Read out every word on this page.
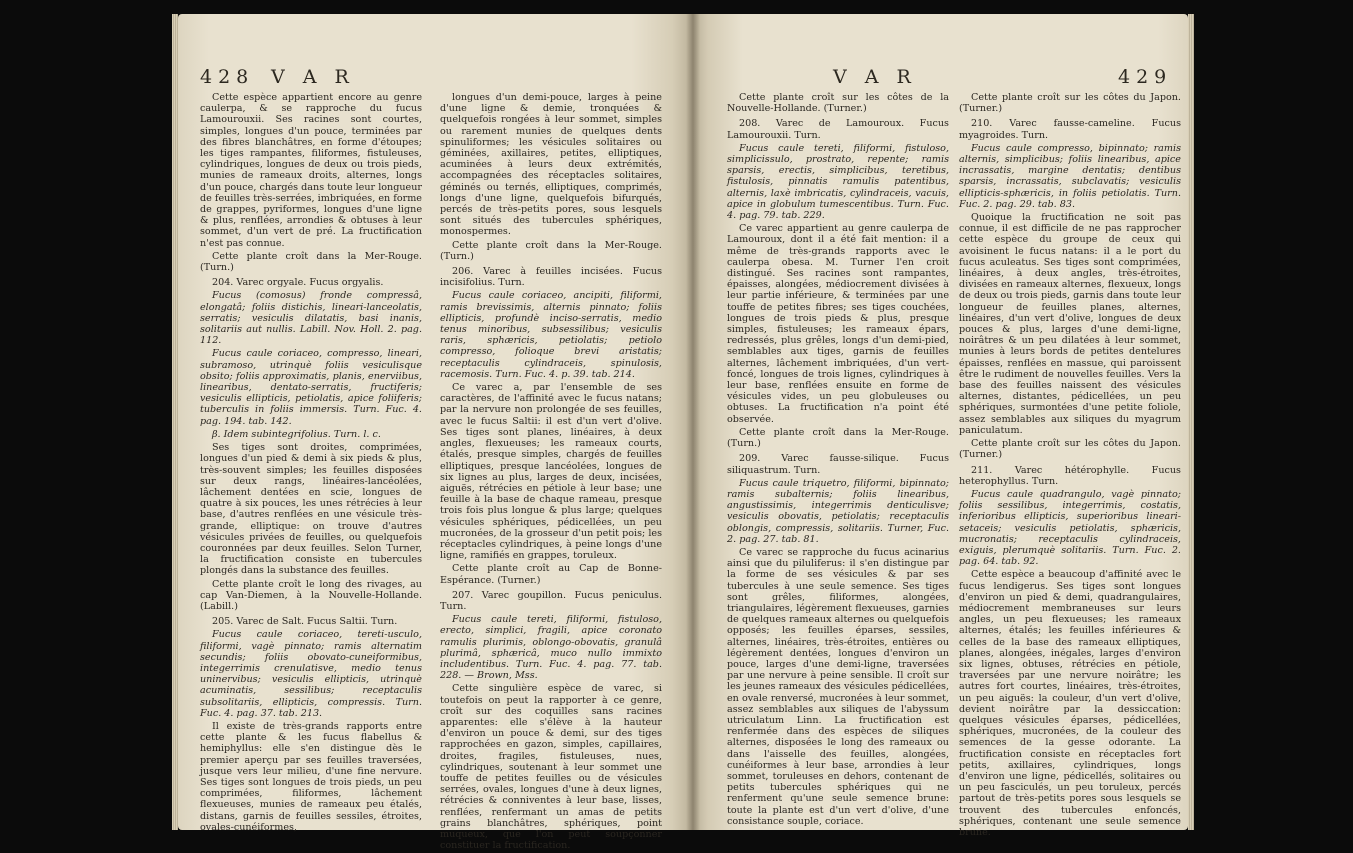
428 V A R

Cette espèce appartient encore au genre caulerpa, & se rapproche du fucus Lamourouxii. Ses racines sont courtes, simples, longues d'un pouce, terminées par des fibres blanchâtres, en forme d'étoupes; les tiges rampantes, filiformes, fistuleuses, cylindriques, longues de deux ou trois pieds, munies de rameaux droits, alternes, longs d'un pouce, chargés dans toute leur longueur de feuilles très-serrées, imbriquées, en forme de grappes, pyriformes, longues d'une ligne & plus, renflées, arrondies & obtuses à leur sommet, d'un vert de pré. La fructification n'est pas connue.

Cette plante croît dans la Mer-Rouge. (Turn.)

204. Varec orgyale. Fucus orgyalis.

Fucus (comosus) fronde compressâ, elongatâ; foliis distichis, lineari-lanceolatis, serratis; vesiculis dilatatis, basi inanis, solitariis aut nullis. Labill. Nov. Holl. 2. pag. 112.

Fucus caule coriaceo, compresso, lineari, subramoso, utrinquè foliis vesiculisque obsito; foliis approximatis, planis, enerviibus, linearibus, dentato-serratis, fructiferis; vesiculis ellipticis, petiolatis, apice foliiferis; tuberculis in foliis immersis. Turn. Fuc. 4. pag. 194. tab. 142.

β. Idem subintegrifolius. Turn. l. c.

Ses tiges sont droites, comprimées, longues d'un pied & demi à six pieds & plus, très-souvent simples; les feuilles disposées sur deux rangs, linéaires-lancéolées, lâchement dentées en scie, longues de quatre à six pouces, les unes rétrécies à leur base, d'autres renflées en une vésicule très-grande, elliptique: on trouve d'autres vésicules privées de feuilles, ou quelquefois couronnées par deux feuilles. Selon Turner, la fructification consiste en tubercules plongés dans la substance des feuilles.

Cette plante croît le long des rivages, au cap Van-Diemen, à la Nouvelle-Hollande. (Labill.)

205. Varec de Salt. Fucus Saltii. Turn.

Fucus caule coriaceo, tereti-usculo, filiformi, vagè pinnato; ramis alternatim secundis; foliis obovato-cuneiformibus, integerrimis crenulatisve, medio tenus uninervibus; vesiculis ellipticis, utrinquè acuminatis, sessilibus; receptaculis subsolitariis, ellipticis, compressis. Turn. Fuc. 4. pag. 37. tab. 213.

Il existe de très-grands rapports entre cette plante & les fucus flabellus & hemiphyllus: elle s'en distingue dès le premier aperçu par ses feuilles traversées, jusque vers leur milieu, d'une fine nervure. Ses tiges sont longues de trois pieds, un peu comprimées, filiformes, lâchement flexueuses, munies de rameaux peu étalés, distans, garnis de feuilles sessiles, étroites, ovales-cunéiformes,

longues d'un demi-pouce, larges à peine d'une ligne & demie, tronquées & quelquefois rongées à leur sommet, simples ou rarement munies de quelques dents spinuliformes; les vésicules solitaires ou géminées, axillaires, petites, elliptiques, acuminées à leurs deux extrémités, accompagnées des réceptacles solitaires, géminés ou ternés, elliptiques, comprimés, longs d'une ligne, quelquefois bifurqués, percés de très-petits pores, sous lesquels sont situés des tubercules sphériques, monospermes.

Cette plante croît dans la Mer-Rouge. (Turn.)

206. Varec à feuilles incisées. Fucus incisifolius. Turn.

Fucus caule coriaceo, ancipiti, filiformi, ramis brevissimis, alternis pinnato; foliis ellipticis, profundè inciso-serratis, medio tenus minoribus, subsessilibus; vesiculis raris, sphæricis, petiolatis; petiolo compresso, folioque brevi aristatis; receptaculis cylindraceis, spinulosis, racemosis. Turn. Fuc. 4. p. 39. tab. 214.

Ce varec a, par l'ensemble de ses caractères, de l'affinité avec le fucus natans; par la nervure non prolongée de ses feuilles, avec le fucus Saltii: il est d'un vert d'olive. Ses tiges sont planes, linéaires, à deux angles, flexueuses; les rameaux courts, étalés, presque simples, chargés de feuilles elliptiques, presque lancéolées, longues de six lignes au plus, larges de deux, incisées, aiguës, rétrécies en pétiole à leur base; une feuille à la base de chaque rameau, presque trois fois plus longue & plus large; quelques vésicules sphériques, pédicellées, un peu mucronées, de la grosseur d'un petit pois; les réceptacles cylindriques, à peine longs d'une ligne, ramifiés en grappes, toruleux.

Cette plante croît au Cap de Bonne-Espérance. (Turner.)

207. Varec goupillon. Fucus peniculus. Turn.

Fucus caule tereti, filiformi, fistuloso, erecto, simplici, fragili, apice coronato ramulis plurimis, oblongo-obovatis, granulâ plurimâ, sphæricâ, muco nullo immixto includentibus. Turn. Fuc. 4. pag. 77. tab. 228. — Brown, Mss.

Cette singulière espèce de varec, si toutefois on peut la rapporter à ce genre, croît sur des coquilles sans racines apparentes: elle s'élève à la hauteur d'environ un pouce & demi, sur des tiges rapprochées en gazon, simples, capillaires, droites, fragiles, fistuleuses, nues, cylindriques, soutenant à leur sommet une touffe de petites feuilles ou de vésicules serrées, ovales, longues d'une à deux lignes, rétrécies & conniventes à leur base, lisses, renflées, renfermant un amas de petits grains blanchâtres, sphériques, point muqueux, que l'on peut soupçonner constituer la fructification.

V A R	429

Cette plante croît sur les côtes de la Nouvelle-Hollande. (Turner.)

208. Varec de Lamouroux. Fucus Lamourouxii. Turn.

Fucus caule tereti, filiformi, fistuloso, simplicissulo, prostrato, repente; ramis sparsis, erectis, simplicibus, teretibus, fistulosis, pinnatis ramulis patentibus, alternis, laxè imbricatis, cylindraceis, vacuis, apice in globulum tumescentibus. Turn. Fuc. 4. pag. 79. tab. 229.

Ce varec appartient au genre caulerpa de Lamouroux, dont il a été fait mention: il a même de très-grands rapports avec le caulerpa obesa. M. Turner l'en croit distingué. Ses racines sont rampantes, épaisses, alongées, médiocrement divisées à leur partie inférieure, & terminées par une touffe de petites fibres; ses tiges couchées, longues de trois pieds & plus, presque simples, fistuleuses; les rameaux épars, redressés, plus grêles, longs d'un demi-pied, semblables aux tiges, garnis de feuilles alternes, lâchement imbriquées, d'un vert-foncé, longues de trois lignes, cylindriques à leur base, renflées ensuite en forme de vésicules vides, un peu globuleuses ou obtuses. La fructification n'a point été observée.

Cette plante croît dans la Mer-Rouge. (Turn.)

209. Varec fausse-silique. Fucus siliquastrum. Turn.

Fucus caule triquetro, filiformi, bipinnato; ramis subalternis; foliis linearibus, angustissimis, integerrimis denticulisve; vesiculis obovatis, petiolatis; receptaculis oblongis, compressis, solitariis. Turner, Fuc. 2. pag. 27. tab. 81.

Ce varec se rapproche du fucus acinarius ainsi que du piluliferus: il s'en distingue par la forme de ses vésicules & par ses tubercules à une seule semence. Ses tiges sont grêles, filiformes, alongées, triangulaires, légèrement flexueuses, garnies de quelques rameaux alternes ou quelquefois opposés; les feuilles éparses, sessiles, alternes, linéaires, très-étroites, entières ou légèrement dentées, longues d'environ un pouce, larges d'une demi-ligne, traversées par une nervure à peine sensible. Il croît sur les jeunes rameaux des vésicules pédicellées, en ovale renversé, mucronées à leur sommet, assez semblables aux siliques de l'abyssum utriculatum Linn. La fructification est renfermée dans des espèces de siliques alternes, disposées le long des rameaux ou dans l'aisselle des feuilles, alongées, cunéiformes à leur base, arrondies à leur sommet, toruleuses en dehors, contenant de petits tubercules sphériques qui ne renferment qu'une seule semence brune: toute la plante est d'un vert d'olive, d'une consistance souple, coriace.

Cette plante croît sur les côtes du Japon. (Turner.)

210. Varec fausse-cameline. Fucus myagroides. Turn.

Fucus caule compresso, bipinnato; ramis alternis, simplicibus; foliis linearibus, apice incrassatis, margine dentatis; dentibus sparsis, incrassatis, subclavatis; vesiculis ellipticis-sphæricis, in foliis petiolatis. Turn. Fuc. 2. pag. 29. tab. 83.

Quoique la fructification ne soit pas connue, il est difficile de ne pas rapprocher cette espèce du groupe de ceux qui avoisinent le fucus natans: il a le port du fucus aculeatus. Ses tiges sont comprimées, linéaires, à deux angles, très-étroites, divisées en rameaux alternes, flexueux, longs de deux ou trois pieds, garnis dans toute leur longueur de feuilles planes, alternes, linéaires, d'un vert d'olive, longues de deux pouces & plus, larges d'une demi-ligne, noirâtres & un peu dilatées à leur sommet, munies à leurs bords de petites dentelures épaisses, renflées en massue, qui paroissent être le rudiment de nouvelles feuilles. Vers la base des feuilles naissent des vésicules alternes, distantes, pédicellées, un peu sphériques, surmontées d'une petite foliole, assez semblables aux siliques du myagrum paniculatum.

Cette plante croît sur les côtes du Japon. (Turner.)

211. Varec hétérophylle. Fucus heterophyllus. Turn.

Fucus caule quadrangulo, vagè pinnato; foliis sessilibus, integerrimis, costatis, inferioribus ellipticis, superioribus lineari-setaceis; vesiculis petiolatis, sphæricis, mucronatis; receptaculis cylindraceis, exiguis, plerumquè solitariis. Turn. Fuc. 2. pag. 64. tab. 92.

Cette espèce a beaucoup d'affinité avec le fucus lendigerus. Ses tiges sont longues d'environ un pied & demi, quadrangulaires, médiocrement membraneuses sur leurs angles, un peu flexueuses; les rameaux alternes, étalés; les feuilles inférieures & celles de la base des rameaux elliptiques, planes, alongées, inégales, larges d'environ six lignes, obtuses, rétrécies en pétiole, traversées par une nervure noirâtre; les autres fort courtes, linéaires, très-étroites, un peu aiguës: la couleur, d'un vert d'olive, devient noirâtre par la dessiccation: quelques vésicules éparses, pédicellées, sphériques, mucronées, de la couleur des semences de la gesse odorante. La fructification consiste en réceptacles fort petits, axillaires, cylindriques, longs d'environ une ligne, pédicellés, solitaires ou un peu fasciculés, un peu toruleux, percés partout de très-petits pores sous lesquels se trouvent des tubercules enfoncés, sphériques, contenant une seule semence brune.
